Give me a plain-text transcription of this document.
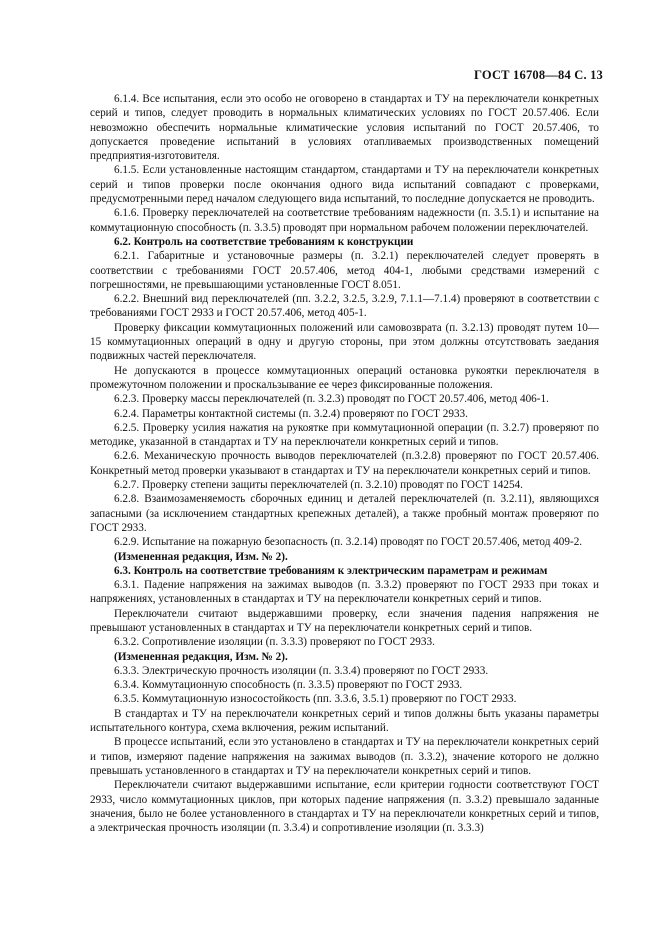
ГОСТ 16708—84 С. 13

6.1.4. Все испытания, если это особо не оговорено в стандартах и ТУ на переключатели конкретных серий и типов, следует проводить в нормальных климатических условиях по ГОСТ 20.57.406. Если невозможно обеспечить нормальные климатические условия испытаний по ГОСТ 20.57.406, то допускается проведение испытаний в условиях отапливаемых производственных помещений предприятия-изготовителя.

6.1.5. Если установленные настоящим стандартом, стандартами и ТУ на переключатели конкретных серий и типов проверки после окончания одного вида испытаний совпадают с проверками, предусмотренными перед началом следующего вида испытаний, то последние допускается не проводить.

6.1.6. Проверку переключателей на соответствие требованиям надежности (п. 3.5.1) и испытание на коммутационную способность (п. 3.3.5) проводят при нормальном рабочем положении переключателей.

6.2. Контроль на соответствие требованиям к конструкции

6.2.1. Габаритные и установочные размеры (п. 3.2.1) переключателей следует проверять в соответствии с требованиями ГОСТ 20.57.406, метод 404-1, любыми средствами измерений с погрешностями, не превышающими установленные ГОСТ 8.051.

6.2.2. Внешний вид переключателей (пп. 3.2.2, 3.2.5, 3.2.9, 7.1.1—7.1.4) проверяют в соответствии с требованиями ГОСТ 2933 и ГОСТ 20.57.406, метод 405-1.

Проверку фиксации коммутационных положений или самовозврата (п. 3.2.13) проводят путем 10—15 коммутационных операций в одну и другую стороны, при этом должны отсутствовать заедания подвижных частей переключателя.

Не допускаются в процессе коммутационных операций остановка рукоятки переключателя в промежуточном положении и проскальзывание ее через фиксированные положения.

6.2.3. Проверку массы переключателей (п. 3.2.3) проводят по ГОСТ 20.57.406, метод 406-1.

6.2.4. Параметры контактной системы (п. 3.2.4) проверяют по ГОСТ 2933.

6.2.5. Проверку усилия нажатия на рукоятке при коммутационной операции (п. 3.2.7) проверяют по методике, указанной в стандартах и ТУ на переключатели конкретных серий и типов.

6.2.6. Механическую прочность выводов переключателей (п.3.2.8) проверяют по ГОСТ 20.57.406. Конкретный метод проверки указывают в стандартах и ТУ на переключатели конкретных серий и типов.

6.2.7. Проверку степени защиты переключателей (п. 3.2.10) проводят по ГОСТ 14254.

6.2.8. Взаимозаменяемость сборочных единиц и деталей переключателей (п. 3.2.11), являющихся запасными (за исключением стандартных крепежных деталей), а также пробный монтаж проверяют по ГОСТ 2933.

6.2.9. Испытание на пожарную безопасность (п. 3.2.14) проводят по ГОСТ 20.57.406, метод 409-2.

(Измененная редакция, Изм. № 2).

6.3. Контроль на соответствие требованиям к электрическим параметрам и режимам

6.3.1. Падение напряжения на зажимах выводов (п. 3.3.2) проверяют по ГОСТ 2933 при токах и напряжениях, установленных в стандартах и ТУ на переключатели конкретных серий и типов.

Переключатели считают выдержавшими проверку, если значения падения напряжения не превышают установленных в стандартах и ТУ на переключатели конкретных серий и типов.

6.3.2. Сопротивление изоляции (п. 3.3.3) проверяют по ГОСТ 2933.

(Измененная редакция, Изм. № 2).

6.3.3. Электрическую прочность изоляции (п. 3.3.4) проверяют по ГОСТ 2933.

6.3.4. Коммутационную способность (п. 3.3.5) проверяют по ГОСТ 2933.

6.3.5. Коммутационную износостойкость (пп. 3.3.6, 3.5.1) проверяют по ГОСТ 2933.

В стандартах и ТУ на переключатели конкретных серий и типов должны быть указаны параметры испытательного контура, схема включения, режим испытаний.

В процессе испытаний, если это установлено в стандартах и ТУ на переключатели конкретных серий и типов, измеряют падение напряжения на зажимах выводов (п. 3.3.2), значение которого не должно превышать установленного в стандартах и ТУ на переключатели конкретных серий и типов.

Переключатели считают выдержавшими испытание, если критерии годности соответствуют ГОСТ 2933, число коммутационных циклов, при которых падение напряжения (п. 3.3.2) превышало заданные значения, было не более установленного в стандартах и ТУ на переключатели конкретных серий и типов, а электрическая прочность изоляции (п. 3.3.4) и сопротивление изоляции (п. 3.3.3)
